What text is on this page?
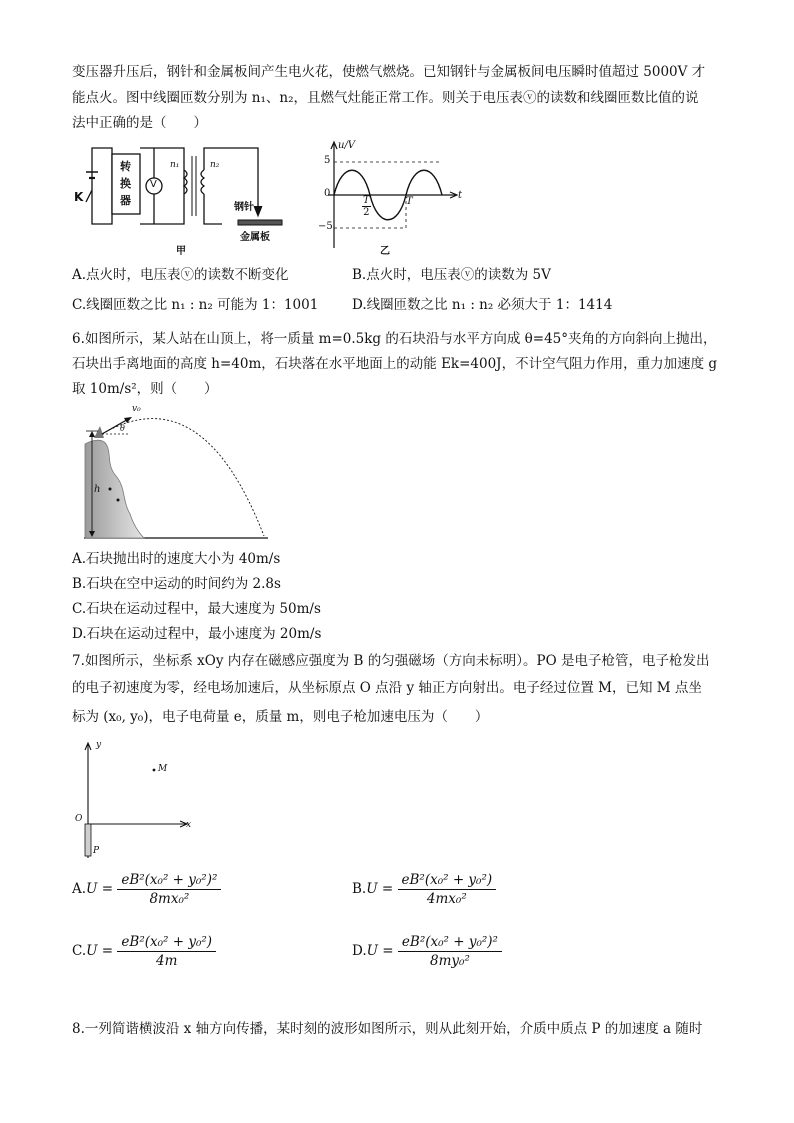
变压器升压后，钢针和金属板间产生电火花，使燃气燃烧。已知钢针与金属板间电压瞬时值超过 5000V 才
能点火。图中线圈匝数分别为 n₁、n₂，且燃气灶能正常工作。则关于电压表ⓥ的读数和线圈匝数比值的说
法中正确的是（　　）
K
转
换
器
V
n₁	n₂
钢针
金属板
甲
u/V
5
0
−5
T
2
T
t
乙
A.点火时，电压表ⓥ的读数不断变化	B.点火时，电压表ⓥ的读数为 5V
C.线圈匝数之比 n₁ : n₂ 可能为 1：1001 D.线圈匝数之比 n₁ : n₂ 必须大于 1：1414
6.如图所示，某人站在山顶上，将一质量 m=0.5kg 的石块沿与水平方向成 θ=45°夹角的方向斜向上抛出，
石块出手离地面的高度 h=40m，石块落在水平地面上的动能 Ek=400J，不计空气阻力作用，重力加速度 g
取 10m/s²，则（　　）
v₀
θ
h
A.石块抛出时的速度大小为 40m/s
B.石块在空中运动的时间约为 2.8s
C.石块在运动过程中，最大速度为 50m/s
D.石块在运动过程中，最小速度为 20m/s
7.如图所示，坐标系 xOy 内存在磁感应强度为 B 的匀强磁场（方向未标明）。PO 是电子枪管，电子枪发出
的电子初速度为零，经电场加速后，从坐标原点 O 点沿 y 轴正方向射出。电子经过位置 M，已知 M 点坐
标为 (x₀, y₀)，电子电荷量 e，质量 m，则电子枪加速电压为（　　）
y
x
O
M
P
$A.U = \frac{\text{eB²(x₀² + y₀²)²}}{\text{8mx₀²}}$	$B.U = \frac{\text{eB²(x₀² + y₀²)}}{\text{4mx₀²}}$
$C.U = \frac{\text{eB²(x₀² + y₀²)}}{4m}$	$D.U = \frac{\text{eB²(x₀² + y₀²)²}}{\text{8my₀²}}$
8.一列简谐横波沿 x 轴方向传播，某时刻的波形如图所示，则从此刻开始，介质中质点 P 的加速度 a 随时
